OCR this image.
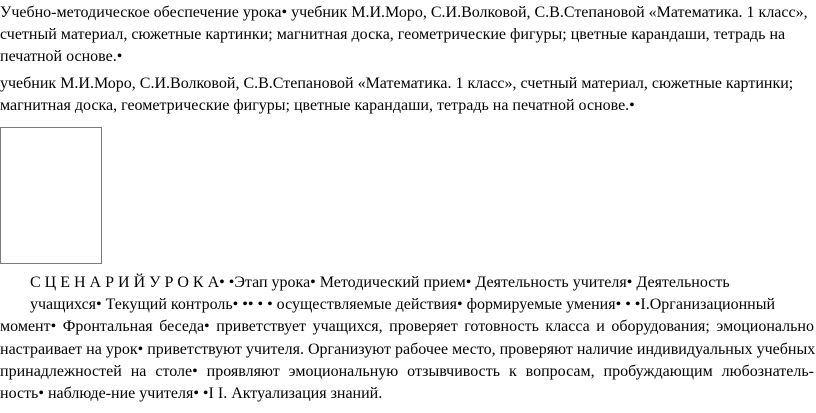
Учебно-методическое обеспечение урока• учебник М.И.Моро, С.И.Волковой, С.В.Степановой «Математика. 1 класс»,
счетный материал, сюжетные картинки; магнитная доска, геометрические фигуры; цветные карандаши, тетрадь на
печатной основе.•
учебник М.И.Моро, С.И.Волковой, С.В.Степановой «Математика. 1 класс», счетный материал, сюжетные картинки;
магнитная доска, геометрические фигуры; цветные карандаши, тетрадь на печатной основе.•
С Ц Е Н А Р И Й У Р О К А• •Этап урока• Методический прием• Деятельность учителя• Деятельность
учащихся• Текущий контроль• •• • • осуществляемые действия• формируемые умения• • •I.Организационный
момент• Фронтальная беседа• приветствует учащихся, проверяет готовность класса и оборудования; эмоционально
настраивает на урок• приветствуют учителя. Организуют рабочее место, проверяют наличие индивидуальных учебных
принадлежностей на столе• проявляют эмоциональную отзывчивость к вопросам, пробуждающим любознатель-
ность• наблюде-ние учителя• •I I. Актуализация знаний.
